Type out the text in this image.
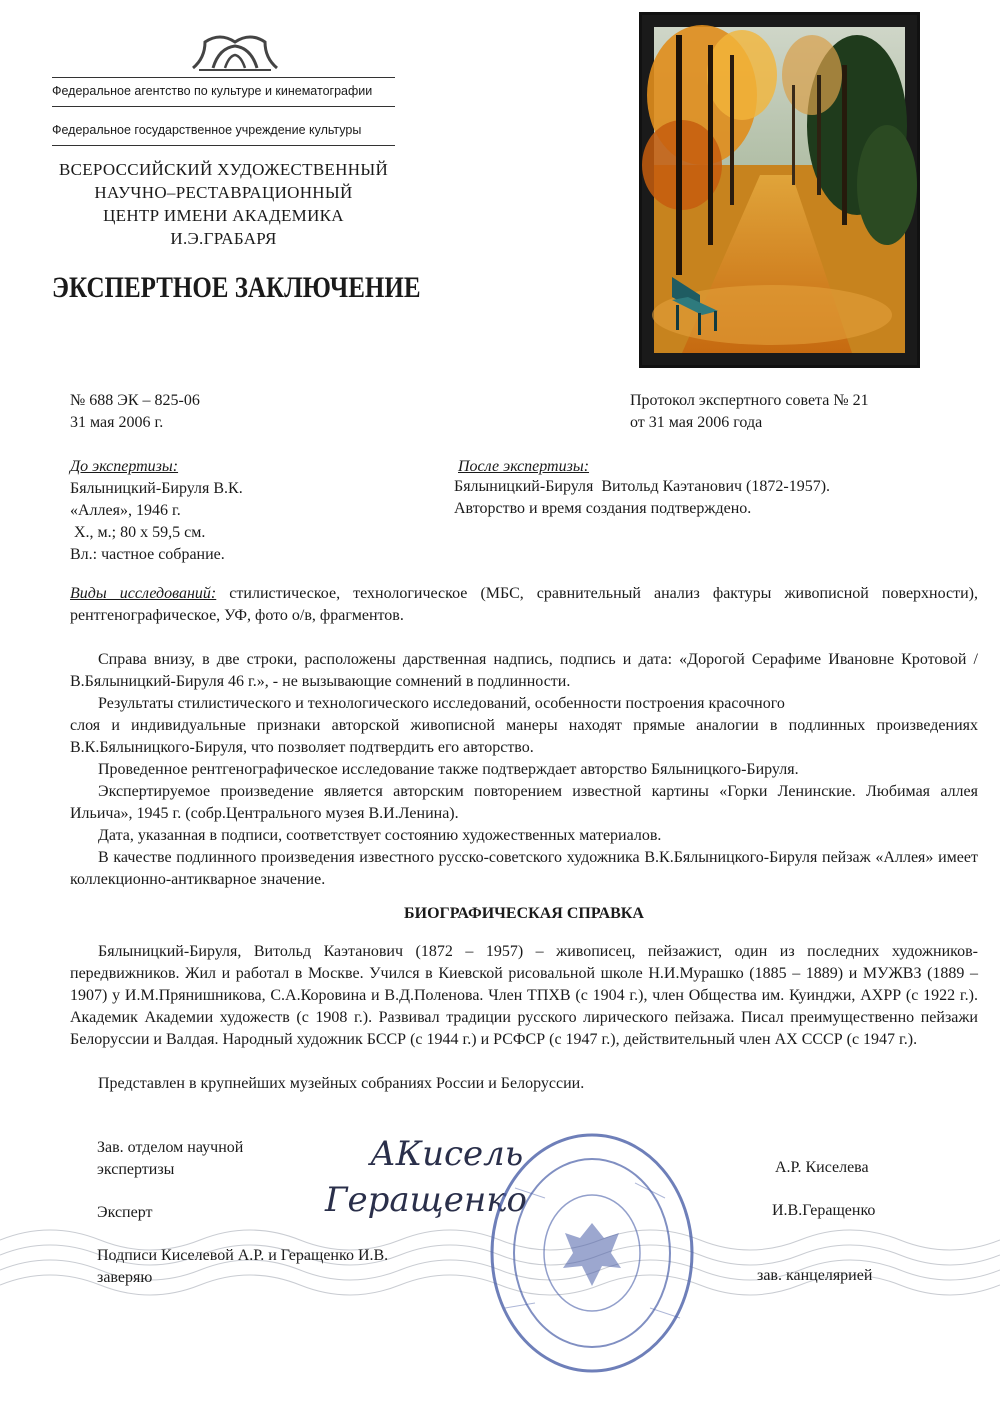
Федеральное агентство по культуре и кинематографии
Федеральное государственное учреждение культуры
ВСЕРОССИЙСКИЙ ХУДОЖЕСТВЕННЫЙ
НАУЧНО–РЕСТАВРАЦИОННЫЙ
ЦЕНТР ИМЕНИ АКАДЕМИКА
И.Э.ГРАБАРЯ
ЭКСПЕРТНОЕ ЗАКЛЮЧЕНИЕ
№ 688 ЭК – 825-06
31 мая 2006 г.
Протокол экспертного совета № 21
от 31 мая 2006 года
До экспертизы:
Бялыницкий-Бируля В.К.
«Аллея», 1946 г.
Х., м.; 80 х 59,5 см.
Вл.: частное собрание.
После экспертизы:
Бялыницкий-Бируля  Витольд Каэтанович (1872-1957).
Авторство и время создания подтверждено.
Виды исследований: стилистическое, технологическое (МБС, сравнительный анализ фактуры живописной поверхности), рентгенографическое, УФ, фото о/в, фрагментов.
Справа внизу, в две строки, расположены дарственная надпись, подпись и дата: «Дорогой Серафиме Ивановне Кротовой / В.Бялыницкий-Бируля 46 г.», - не вызывающие сомнений в подлинности.
Результаты стилистического и технологического исследований, особенности построения красочного
слоя и индивидуальные признаки авторской живописной манеры находят прямые аналогии в подлинных произведениях В.К.Бялыницкого-Бируля, что позволяет подтвердить его авторство.
Проведенное рентгенографическое исследование также подтверждает авторство Бялыницкого-Бируля.
Экспертируемое произведение является авторским повторением известной картины «Горки Ленинские. Любимая аллея Ильича», 1945 г. (собр.Центрального музея В.И.Ленина).
Дата, указанная в подписи, соответствует состоянию художественных материалов.
В качестве подлинного произведения известного русско-советского художника В.К.Бялыницкого-Бируля пейзаж «Аллея» имеет коллекционно-антикварное значение.
БИОГРАФИЧЕСКАЯ СПРАВКА
Бялыницкий-Бируля, Витольд Каэтанович (1872 – 1957) – живописец, пейзажист, один из последних художников-передвижников. Жил и работал в Москве. Учился в Киевской рисовальной школе Н.И.Мурашко (1885 – 1889) и МУЖВЗ (1889 – 1907) у И.М.Прянишникова, С.А.Коровина и В.Д.Поленова. Член ТПХВ (с 1904 г.), член Общества им. Куинджи, АХРР (с 1922 г.). Академик Академии художеств (с 1908 г.). Развивал традиции русского лирического пейзажа. Писал преимущественно пейзажи Белоруссии и Валдая. Народный художник БССР (с 1944 г.) и РСФСР (с 1947 г.), действительный член АХ СССР (с 1947 г.).
Представлен в крупнейших музейных собраниях России и Белоруссии.
Зав. отделом научной
экспертизы	А.Р. Киселева
Эксперт	И.В.Геращенко
Подписи Киселевой А.Р. и Геращенко И.В.
заверяю	зав. канцелярией
АКисель
Геращенко
